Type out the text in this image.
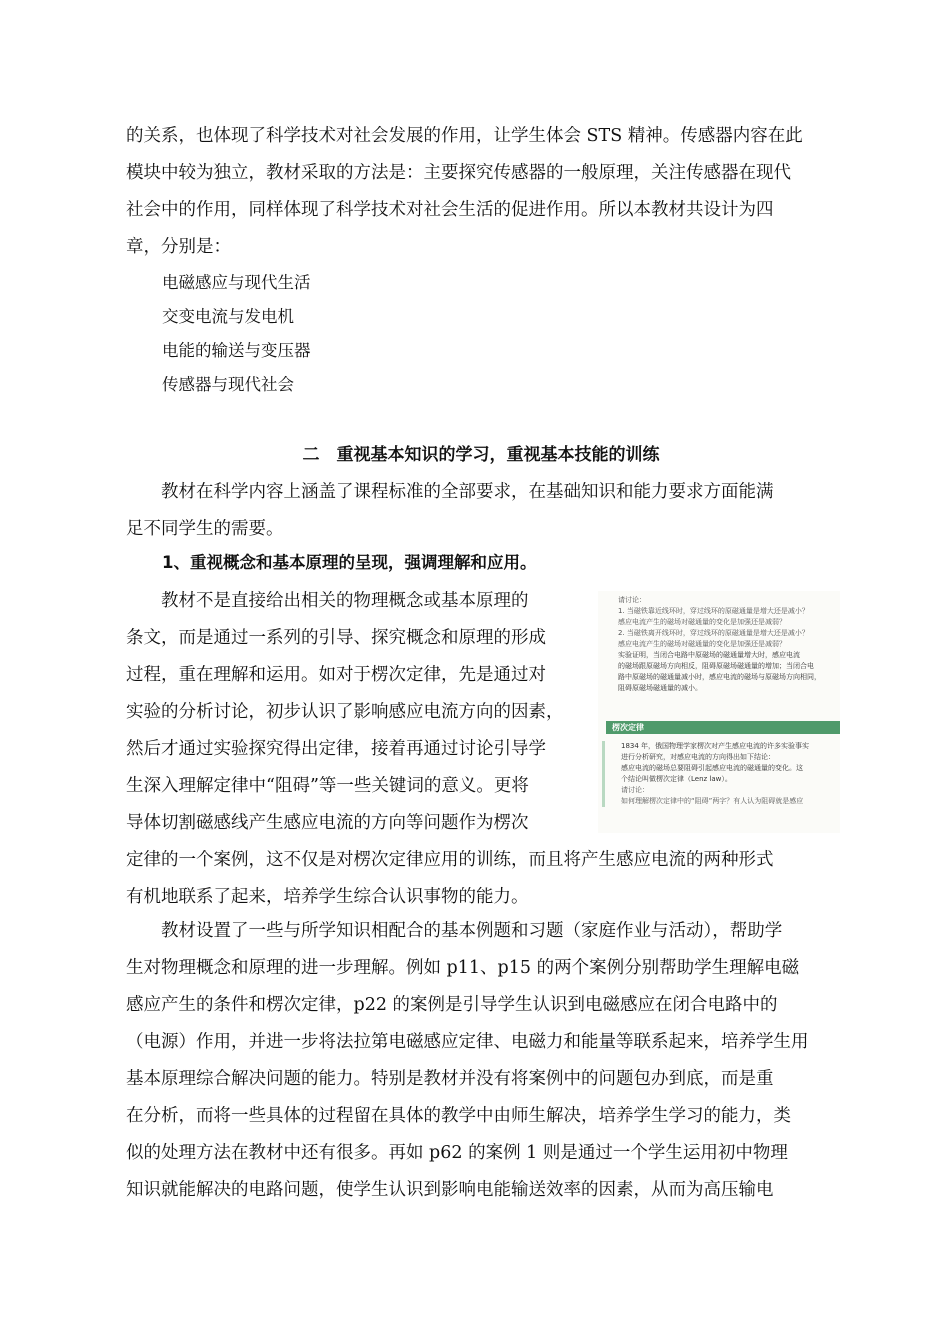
的关系，也体现了科学技术对社会发展的作用，让学生体会 STS 精神。传感器内容在此

模块中较为独立，教材采取的方法是：主要探究传感器的一般原理，关注传感器在现代

社会中的作用，同样体现了科学技术对社会生活的促进作用。所以本教材共设计为四

章，分别是：

电磁感应与现代生活
交变电流与发电机
电能的输送与变压器
传感器与现代社会
二　重视基本知识的学习，重视基本技能的训练

　　教材在科学内容上涵盖了课程标准的全部要求，在基础知识和能力要求方面能满

足不同学生的需要。

1、重视概念和基本原理的呈现，强调理解和应用。
　　教材不是直接给出相关的物理概念或基本原理的
条文，而是通过一系列的引导、探究概念和原理的形成
过程，重在理解和运用。如对于楞次定律，先是通过对
实验的分析讨论，初步认识了影响感应电流方向的因素，
然后才通过实验探究得出定律，接着再通过讨论引导学
生深入理解定律中“阻碍”等一些关键词的意义。更将
导体切割磁感线产生感应电流的方向等问题作为楞次

定律的一个案例，这不仅是对楞次定律应用的训练，而且将产生感应电流的两种形式

有机地联系了起来，培养学生综合认识事物的能力。

请讨论：
1. 当磁铁靠近线环时，穿过线环的原磁通量是增大还是减小？
感应电流产生的磁场对磁通量的变化是加强还是减弱？
2. 当磁铁离开线环时，穿过线环的原磁通量是增大还是减小？
感应电流产生的磁场对磁通量的变化是加强还是减弱？
实验证明，当闭合电路中原磁场的磁通量增大时，感应电流
的磁场跟原磁场方向相反，阻碍原磁场磁通量的增加；当闭合电
路中原磁场的磁通量减小时，感应电流的磁场与原磁场方向相同，
阻碍原磁场磁通量的减小。
楞次定律
1834 年，俄国物理学家楞次对产生感应电流的许多实验事实
进行分析研究，对感应电流的方向得出如下结论：
感应电流的磁场总要阻碍引起感应电流的磁通量的变化。这
个结论叫做楞次定律（Lenz law）。
请讨论：
如何理解楞次定律中的“阻碍”两字？有人认为阻碍就是感应

　　教材设置了一些与所学知识相配合的基本例题和习题（家庭作业与活动），帮助学

生对物理概念和原理的进一步理解。例如 p11、p15 的两个案例分别帮助学生理解电磁

感应产生的条件和楞次定律，p22 的案例是引导学生认识到电磁感应在闭合电路中的

（电源）作用，并进一步将法拉第电磁感应定律、电磁力和能量等联系起来，培养学生用

基本原理综合解决问题的能力。特别是教材并没有将案例中的问题包办到底，而是重

在分析，而将一些具体的过程留在具体的教学中由师生解决，培养学生学习的能力，类

似的处理方法在教材中还有很多。再如 p62 的案例 1 则是通过一个学生运用初中物理

知识就能解决的电路问题，使学生认识到影响电能输送效率的因素，从而为高压输电
